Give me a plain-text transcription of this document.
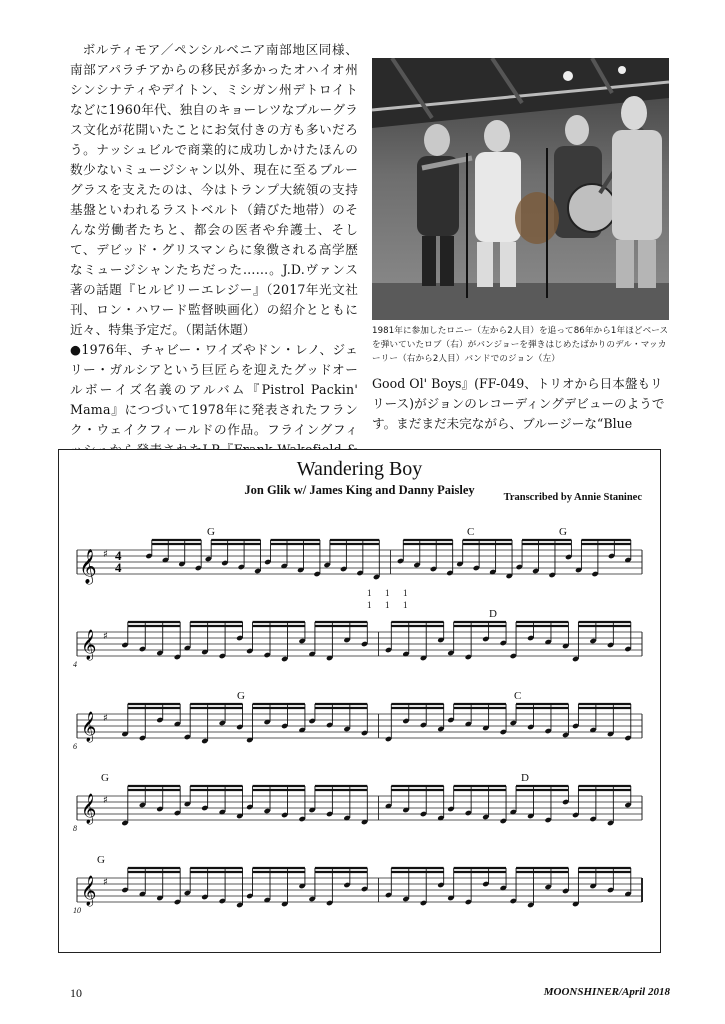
ボルティモア／ペンシルベニア南部地区同様、南部アパラチアからの移民が多かったオハイオ州シンシナティやデイトン、ミシガン州デトロイトなどに1960年代、独自のキョーレツなブルーグラス文化が花開いたことにお気付きの方も多いだろう。ナッシュビルで商業的に成功しかけたほんの数少ないミュージシャン以外、現在に至るブルーグラスを支えたのは、今はトランプ大統領の支持基盤といわれるラストベルト（錆びた地帯）のそんな労働者たちと、都会の医者や弁護士、そして、デビッド・グリスマンらに象徴される高学歴なミュージシャンたちだった……。J.D.ヴァンス著の話題『ヒルビリーエレジー』（2017年光文社刊、ロン・ハワード監督映画化）の紹介とともに近々、特集予定だ。（閑話休題）

●1976年、チャビー・ワイズやドン・レノ、ジェリー・ガルシアという巨匠らを迎えたグッドオールボーイズ名義のアルバム『Pistrol Packin' Mama』につづいて1978年に発表されたフランク・ウェイクフィールドの作品。フライングフィ

1981年に参加したロニー（左から2人目）を追って86年から1年ほどベースを弾いていたロブ（右）がバンジョーを弾きはじめたばかりのデル・マッカーリー（右から2人目）バンドでのジョン（左）
Good Ol' Boys』(FF-049、トリオから日本盤もリリース)がジョンのレコーディングデビューのようです。まだまだ未完ながら、ブルージーな“Blue
Wandering Boy
Jon Glik w/ James King and Danny Paisley
Transcribed by Annie Staninec
G	C	G
D
G	C
G	D
G
4
6
8
10
1 1 1
1 1 1
𝄞 4
4
♯
𝄞 ♯
𝄞 ♯
𝄞 ♯
𝄞 ♯
10	MOONSHINER/April 2018
